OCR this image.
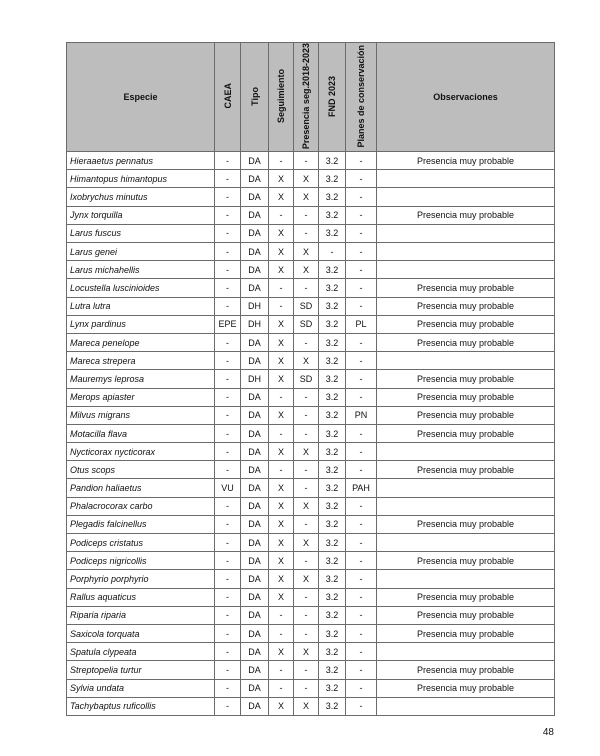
Especie	CAEA	Tipo	Seguimiento	Presencia seg.2018-2023	FND 2023	Planes de conservación	Observaciones
Hieraaetus pennatus	-	DA	-	-	3.2	-	Presencia muy probable
Himantopus himantopus	-	DA	X	X	3.2	-	
Ixobrychus minutus	-	DA	X	X	3.2	-	
Jynx torquilla	-	DA	-	-	3.2	-	Presencia muy probable
Larus fuscus	-	DA	X	-	3.2	-	
Larus genei	-	DA	X	X	-	-	
Larus michahellis	-	DA	X	X	3.2	-	
Locustella luscinioides	-	DA	-	-	3.2	-	Presencia muy probable
Lutra lutra	-	DH	-	SD	3.2	-	Presencia muy probable
Lynx pardinus	EPE	DH	X	SD	3.2	PL	Presencia muy probable
Mareca penelope	-	DA	X	-	3.2	-	Presencia muy probable
Mareca strepera	-	DA	X	X	3.2	-	
Mauremys leprosa	-	DH	X	SD	3.2	-	Presencia muy probable
Merops apiaster	-	DA	-	-	3.2	-	Presencia muy probable
Milvus migrans	-	DA	X	-	3.2	PN	Presencia muy probable
Motacilla flava	-	DA	-	-	3.2	-	Presencia muy probable
Nycticorax nycticorax	-	DA	X	X	3.2	-	
Otus scops	-	DA	-	-	3.2	-	Presencia muy probable
Pandion haliaetus	VU	DA	X	-	3.2	PAH	
Phalacrocorax carbo	-	DA	X	X	3.2	-	
Plegadis falcinellus	-	DA	X	-	3.2	-	Presencia muy probable
Podiceps cristatus	-	DA	X	X	3.2	-	
Podiceps nigricollis	-	DA	X	-	3.2	-	Presencia muy probable
Porphyrio porphyrio	-	DA	X	X	3.2	-	
Rallus aquaticus	-	DA	X	-	3.2	-	Presencia muy probable
Riparia riparia	-	DA	-	-	3.2	-	Presencia muy probable
Saxicola torquata	-	DA	-	-	3.2	-	Presencia muy probable
Spatula clypeata	-	DA	X	X	3.2	-	
Streptopelia turtur	-	DA	-	-	3.2	-	Presencia muy probable
Sylvia undata	-	DA	-	-	3.2	-	Presencia muy probable
Tachybaptus ruficollis	-	DA	X	X	3.2	-	
48
